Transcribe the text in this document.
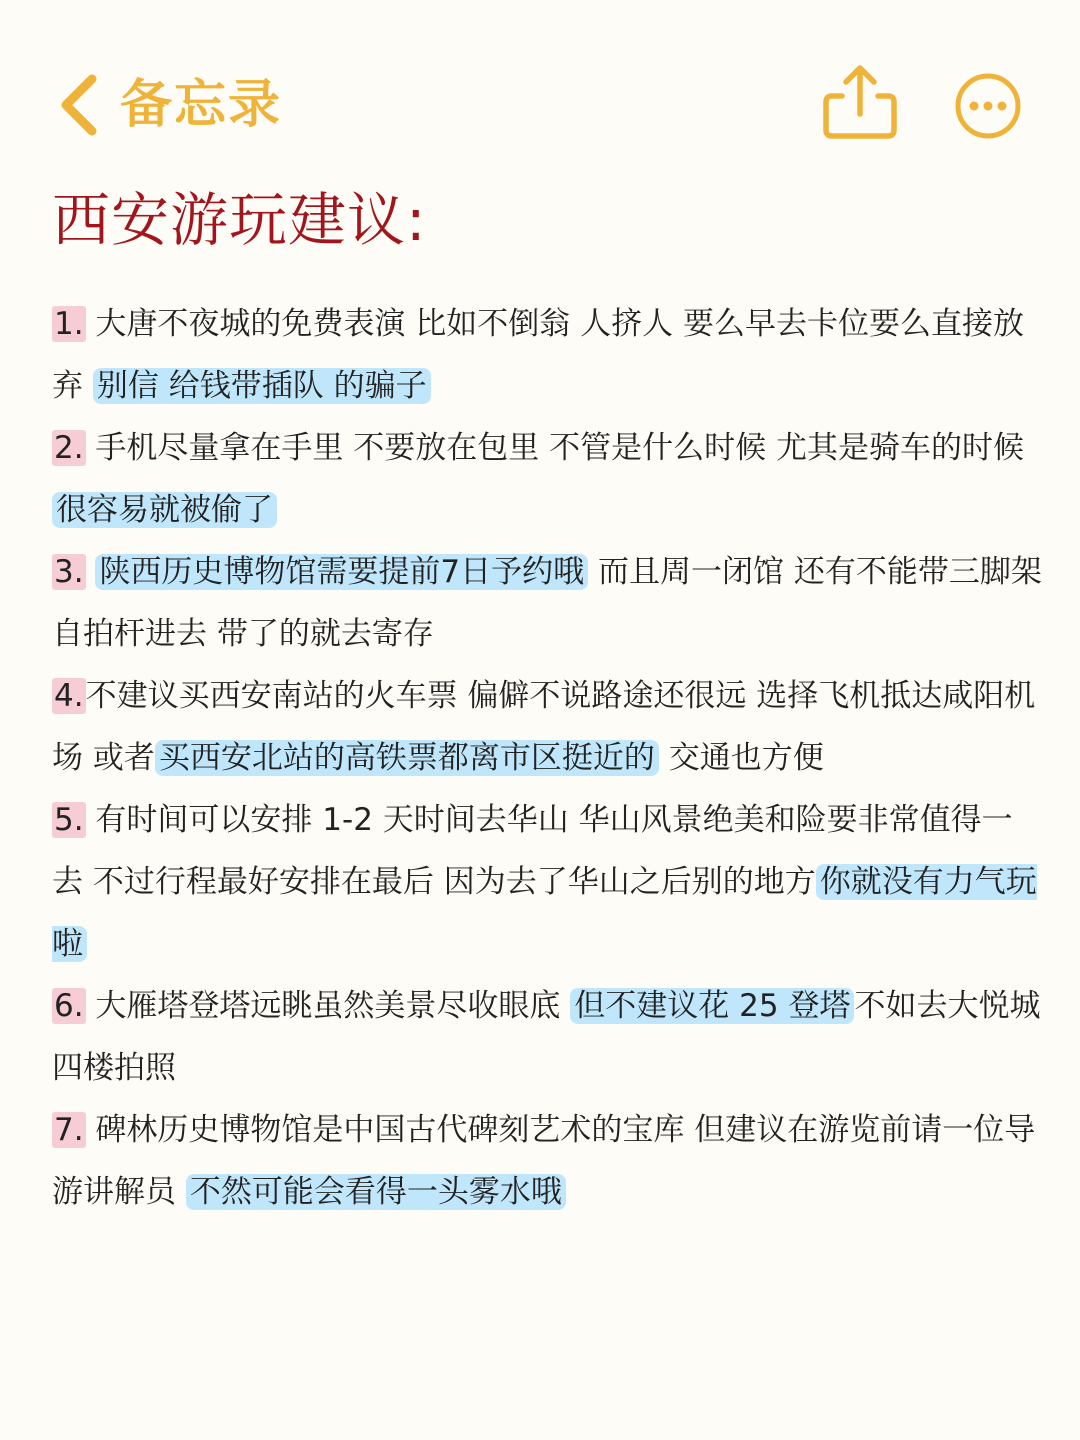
备忘录
西安游玩建议:

1. 大唐不夜城的免费表演 比如不倒翁 人挤人 要么早去卡位要么直接放弃 别信 给钱带插队 的骗子

2. 手机尽量拿在手里 不要放在包里 不管是什么时候 尤其是骑车的时候 很容易就被偷了

3. 陕西历史博物馆需要提前7日予约哦 而且周一闭馆 还有不能带三脚架自拍杆进去 带了的就去寄存

4.不建议买西安南站的火车票 偏僻不说路途还很远 选择飞机抵达咸阳机场 或者 买西安北站的高铁票都离市区挺近的 交通也方便

5. 有时间可以安排 1-2 天时间去华山 华山风景绝美和险要非常值得一去 不过行程最好安排在最后 因为去了华山之后别的地方 你就没有力气玩啦

6. 大雁塔登塔远眺虽然美景尽收眼底 但不建议花 25 登塔 不如去大悦城四楼拍照

7. 碑林历史博物馆是中国古代碑刻艺术的宝库 但建议在游览前请一位导游讲解员 不然可能会看得一头雾水哦
